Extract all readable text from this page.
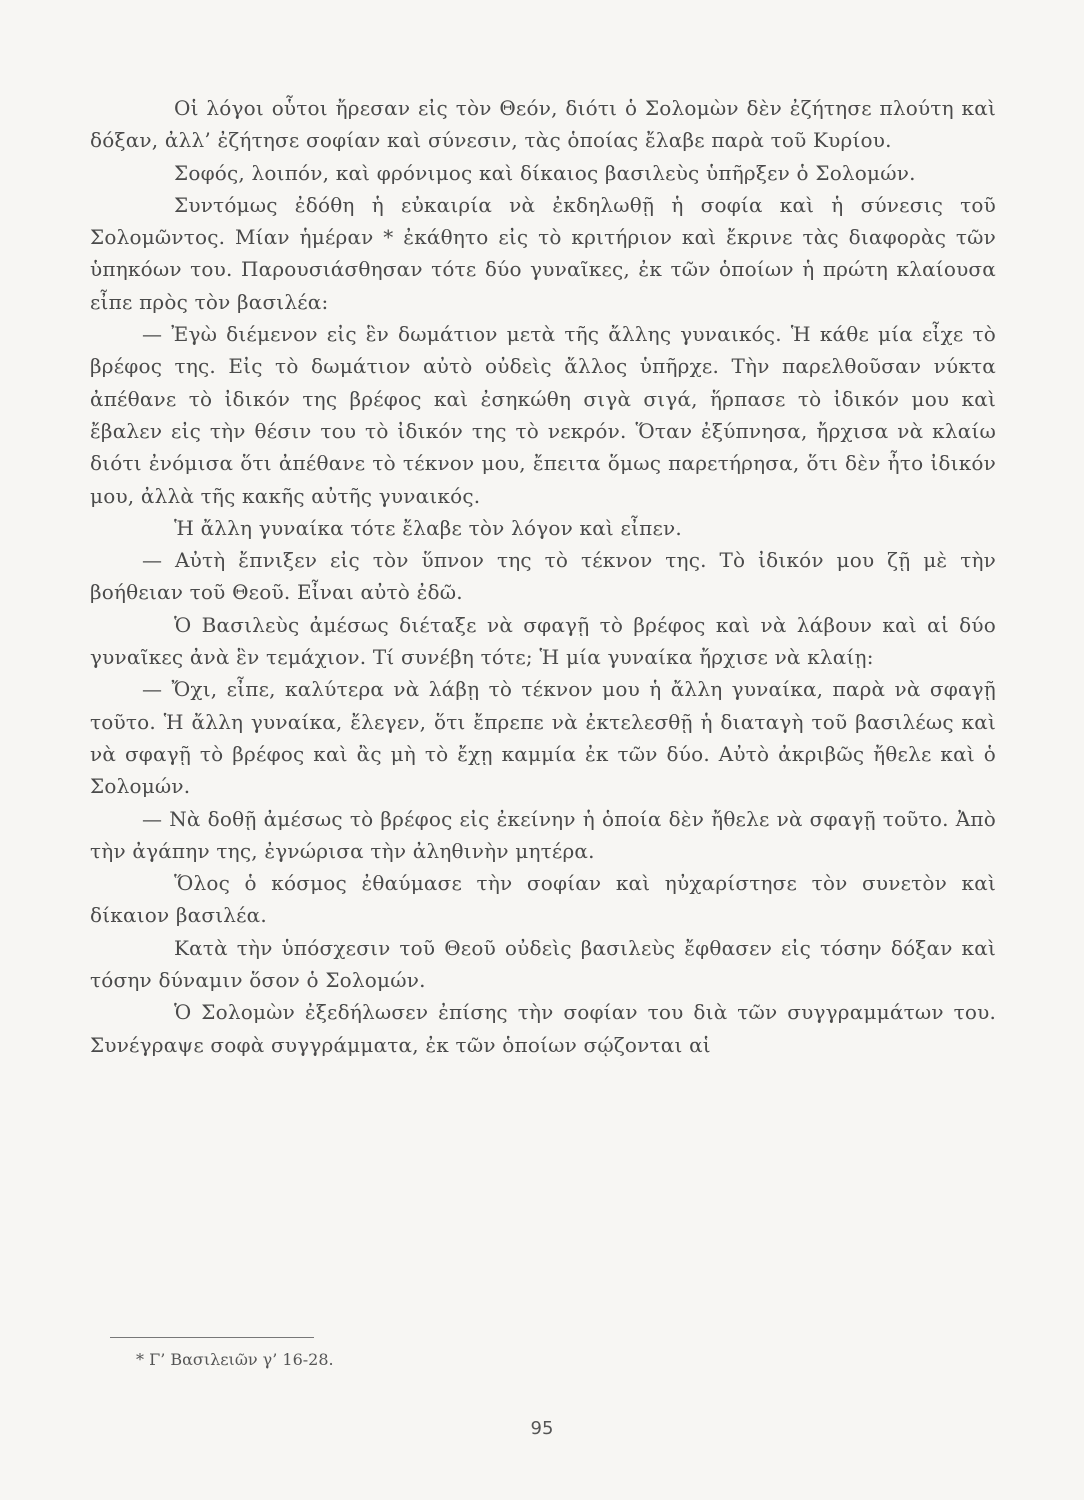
Οἱ λόγοι οὗτοι ἤρεσαν εἰς τὸν Θεόν, διότι ὁ Σολομὼν δὲν ἐζήτησε πλούτη καὶ δόξαν, ἀλλ’ ἐζήτησε σοφίαν καὶ σύνεσιν, τὰς ὁποίας ἔλαβε παρὰ τοῦ Κυρίου.

Σοφός, λοιπόν, καὶ φρόνιμος καὶ δίκαιος βασιλεὺς ὑπῆρξεν ὁ Σολομών.

Συντόμως ἐδόθη ἡ εὐκαιρία νὰ ἐκδηλωθῇ ἡ σοφία καὶ ἡ σύνεσις τοῦ Σολομῶντος. Μίαν ἡμέραν * ἐκάθητο εἰς τὸ κριτήριον καὶ ἔκρινε τὰς διαφορὰς τῶν ὑπηκόων του. Παρουσιάσθησαν τότε δύο γυναῖκες, ἐκ τῶν ὁποίων ἡ πρώτη κλαίουσα εἶπε πρὸς τὸν βασιλέα:

— Ἐγὼ διέμενον εἰς ἓν δωμάτιον μετὰ τῆς ἄλλης γυναικός. Ἡ κάθε μία εἶχε τὸ βρέφος της. Εἰς τὸ δωμάτιον αὐτὸ οὐδεὶς ἄλλος ὑπῆρχε. Τὴν παρελθοῦσαν νύκτα ἀπέθανε τὸ ἰδικόν της βρέφος καὶ ἐσηκώθη σιγὰ σιγά, ἥρπασε τὸ ἰδικόν μου καὶ ἔβαλεν εἰς τὴν θέσιν του τὸ ἰδικόν της τὸ νεκρόν. Ὅταν ἐξύπνησα, ἤρχισα νὰ κλαίω διότι ἐνόμισα ὅτι ἀπέθανε τὸ τέκνον μου, ἔπειτα ὅμως παρετήρησα, ὅτι δὲν ἦτο ἰδικόν μου, ἀλλὰ τῆς κακῆς αὐτῆς γυναικός.

Ἡ ἄλλη γυναίκα τότε ἔλαβε τὸν λόγον καὶ εἶπεν.

— Αὐτὴ ἔπνιξεν εἰς τὸν ὕπνον της τὸ τέκνον της. Τὸ ἰδικόν μου ζῇ μὲ τὴν βοήθειαν τοῦ Θεοῦ. Εἶναι αὐτὸ ἐδῶ.

Ὁ Βασιλεὺς ἀμέσως διέταξε νὰ σφαγῇ τὸ βρέφος καὶ νὰ λάβουν καὶ αἱ δύο γυναῖκες ἀνὰ ἓν τεμάχιον. Τί συνέβη τότε; Ἡ μία γυναίκα ἤρχισε νὰ κλαίῃ:

— Ὄχι, εἶπε, καλύτερα νὰ λάβῃ τὸ τέκνον μου ἡ ἄλλη γυναίκα, παρὰ νὰ σφαγῇ τοῦτο. Ἡ ἄλλη γυναίκα, ἔλεγεν, ὅτι ἔπρεπε νὰ ἐκτελεσθῇ ἡ διαταγὴ τοῦ βασιλέως καὶ νὰ σφαγῇ τὸ βρέφος καὶ ἂς μὴ τὸ ἔχῃ καμμία ἐκ τῶν δύο. Αὐτὸ ἀκριβῶς ἤθελε καὶ ὁ Σολομών.

— Νὰ δοθῇ ἀμέσως τὸ βρέφος εἰς ἐκείνην ἡ ὁποία δὲν ἤθελε νὰ σφαγῇ τοῦτο. Ἀπὸ τὴν ἀγάπην της, ἐγνώρισα τὴν ἀληθινὴν μητέρα.

Ὅλος ὁ κόσμος ἐθαύμασε τὴν σοφίαν καὶ ηὐχαρίστησε τὸν συνετὸν καὶ δίκαιον βασιλέα.

Κατὰ τὴν ὑπόσχεσιν τοῦ Θεοῦ οὐδεὶς βασιλεὺς ἔφθασεν εἰς τόσην δόξαν καὶ τόσην δύναμιν ὅσον ὁ Σολομών.

Ὁ Σολομὼν ἐξεδήλωσεν ἐπίσης τὴν σοφίαν του διὰ τῶν συγγραμμάτων του. Συνέγραψε σοφὰ συγγράμματα, ἐκ τῶν ὁποίων σῴζονται αἱ

* Γ’ Βασιλειῶν γ’ 16-28.
95
